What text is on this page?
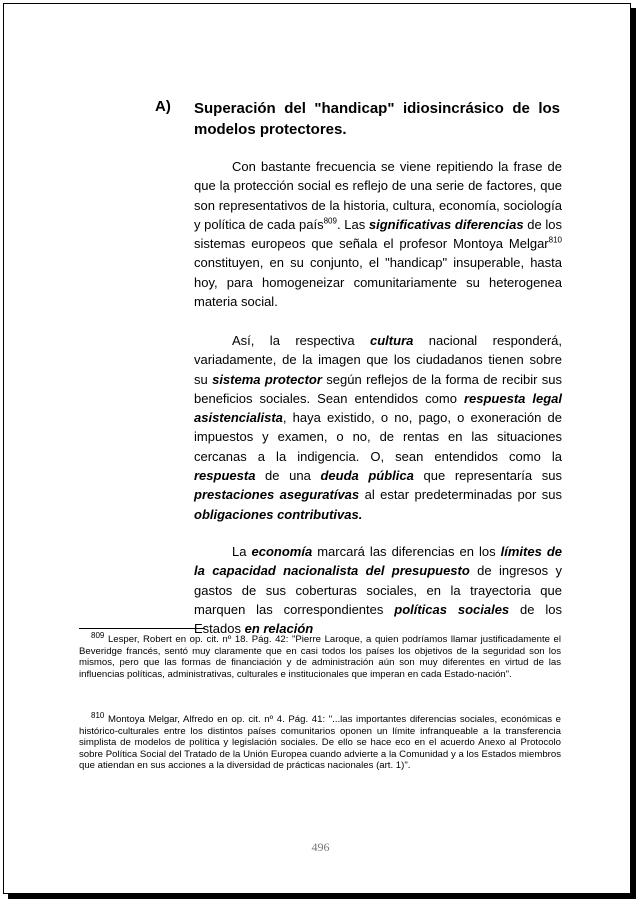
A) Superación del "handicap" idiosincrásico de los modelos protectores.

Con bastante frecuencia se viene repitiendo la frase de que la protección social es reflejo de una serie de factores, que son representativos de la historia, cultura, economía, sociología y política de cada país$^{809}$. Las significativas diferencias de los sistemas europeos que señala el profesor Montoya Melgar$^{810}$ constituyen, en su conjunto, el "handicap" insuperable, hasta hoy, para homogeneizar comunitariamente su heterogenea materia social.

Así, la respectiva cultura nacional responderá, variadamente, de la imagen que los ciudadanos tienen sobre su sistema protector según reflejos de la forma de recibir sus beneficios sociales. Sean entendidos como respuesta legal asistencialista, haya existido, o no, pago, o exoneración de impuestos y examen, o no, de rentas en las situaciones cercanas a la indigencia. O, sean entendidos como la respuesta de una deuda pública que representaría sus prestaciones aseguratívas al estar predeterminadas por sus obligaciones contributivas.

La economía marcará las diferencias en los límites de la capacidad nacionalista del presupuesto de ingresos y gastos de sus coberturas sociales, en la trayectoria que marquen las correspondientes políticas sociales de los Estados en relación

$^{809}$ Lesper, Robert en op. cit. nº 18. Pág. 42: "Pierre Laroque, a quien podríamos llamar justificadamente el Beveridge francés, sentó muy claramente que en casi todos los países los objetivos de la seguridad son los mismos, pero que las formas de financiación y de administración aún son muy diferentes en virtud de las influencias políticas, administrativas, culturales e institucionales que imperan en cada Estado-nación".

$^{810}$ Montoya Melgar, Alfredo en op. cit. nº 4. Pág. 41: "...las importantes diferencias sociales, económicas e histórico-culturales entre los distintos países comunitarios oponen un límite infranqueable a la transferencia simplista de modelos de política y legislación sociales. De ello se hace eco en el acuerdo Anexo al Protocolo sobre Política Social del Tratado de la Unión Europea cuando advierte a la Comunidad y a los Estados miembros que atiendan en sus acciones a la diversidad de prácticas nacionales (art. 1)".

496
